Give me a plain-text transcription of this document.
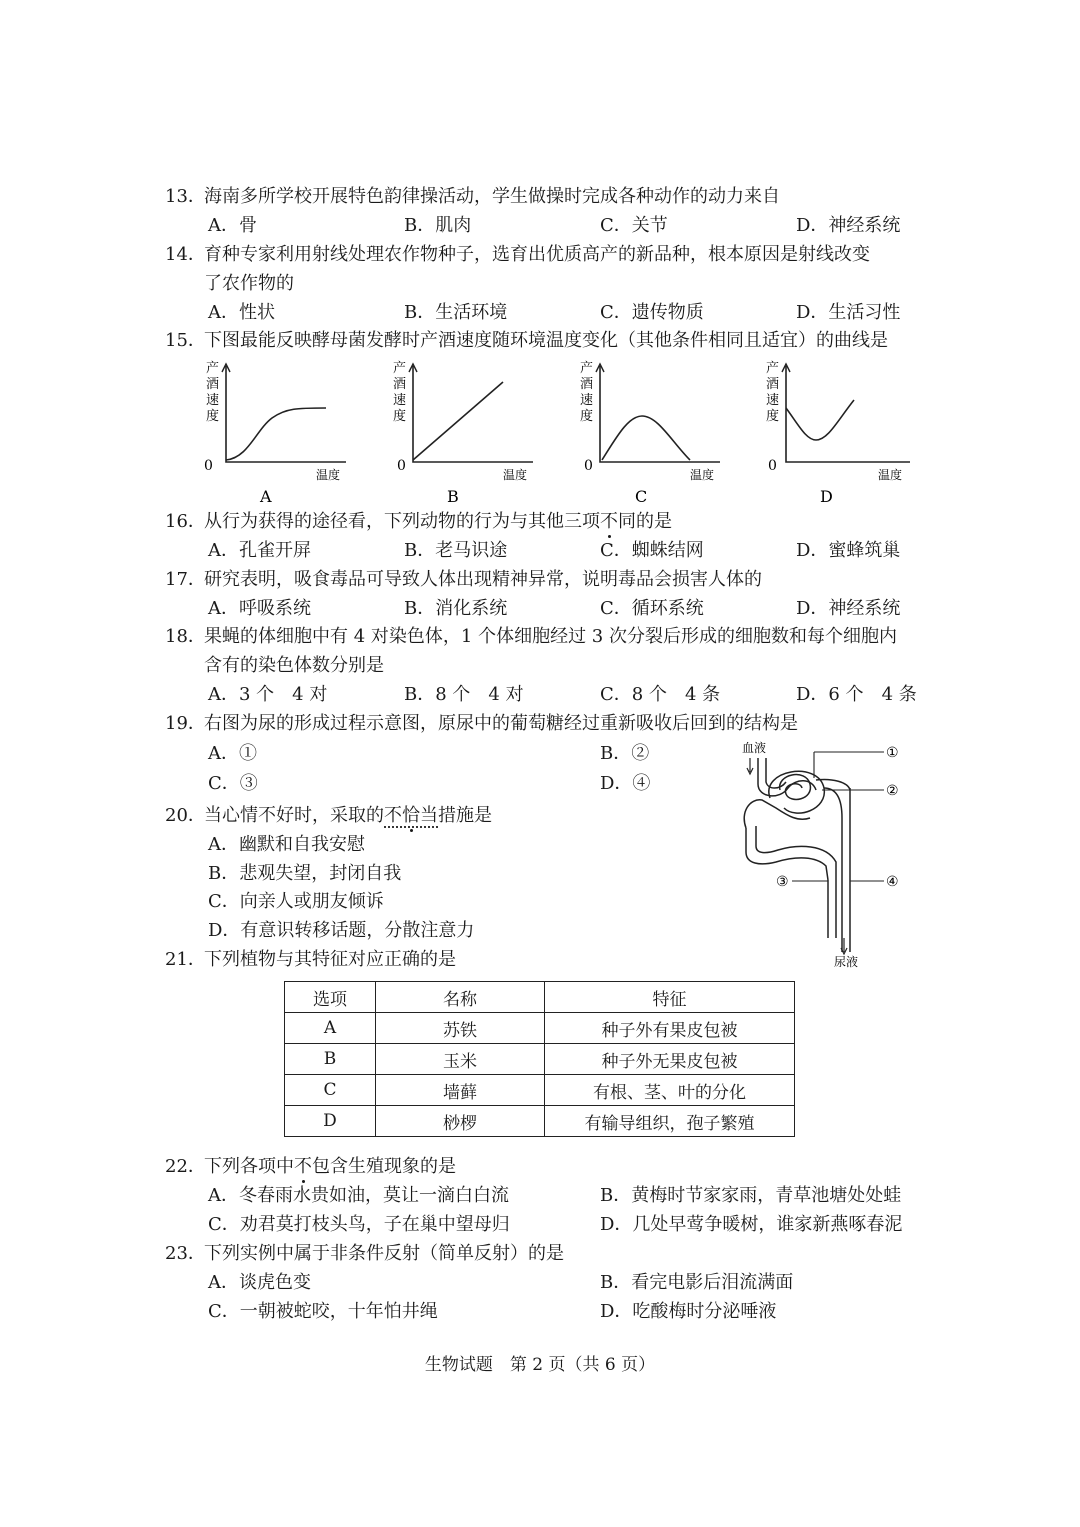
13．
海南多所学校开展特色韵律操活动，学生做操时完成各种动作的动力来自
A．骨	B．肌肉	C．关节	D．神经系统
14．
育种专家利用射线处理农作物种子，选育出优质高产的新品种，根本原因是射线改变
了农作物的
A．性状	B．生活环境	C．遗传物质	D．生活习性
15．
下图最能反映酵母菌发酵时产酒速度随环境温度变化（其他条件相同且适宜）的曲线是
产
酒
速
度
0
温度
A
产
酒
速
度
0
温度
B
产
酒
速
度
0
温度
C
产
酒
速
度
0
温度
D
16．
从行为获得的途径看，下列动物的行为与其他三项不同的是
A．孔雀开屏	B．老马识途	C．蜘蛛结网	D．蜜蜂筑巢
17．
研究表明，吸食毒品可导致人体出现精神异常，说明毒品会损害人体的
A．呼吸系统	B．消化系统	C．循环系统	D．神经系统
18．
果蝇的体细胞中有 4 对染色体，1 个体细胞经过 3 次分裂后形成的细胞数和每个细胞内
含有的染色体数分别是
A．3 个　4 对	B．8 个　4 对	C．8 个　4 条	D．6 个　4 条
19．
右图为尿的形成过程示意图，原尿中的葡萄糖经过重新吸收后回到的结构是
A．①	B．②
C．③	D．④
血液
尿液
①
②
③	④
20．
当心情不好时，采取的不恰当措施是
A．幽默和自我安慰
B．悲观失望，封闭自我
C．向亲人或朋友倾诉
D．有意识转移话题，分散注意力
21．
下列植物与其特征对应正确的是
选项	名称	特征
A	苏铁	种子外有果皮包被
B	玉米	种子外无果皮包被
C	墙藓	有根、茎、叶的分化
D	桫椤	有输导组织，孢子繁殖
22．
下列各项中不包含生殖现象的是
A．冬春雨水贵如油，莫让一滴白白流	B．黄梅时节家家雨，青草池塘处处蛙
C．劝君莫打枝头鸟，子在巢中望母归	D．几处早莺争暖树，谁家新燕啄春泥
23．
下列实例中属于非条件反射（简单反射）的是
A．谈虎色变	B．看完电影后泪流满面
C．一朝被蛇咬，十年怕井绳	D．吃酸梅时分泌唾液
生物试题　第 2 页（共 6 页）
